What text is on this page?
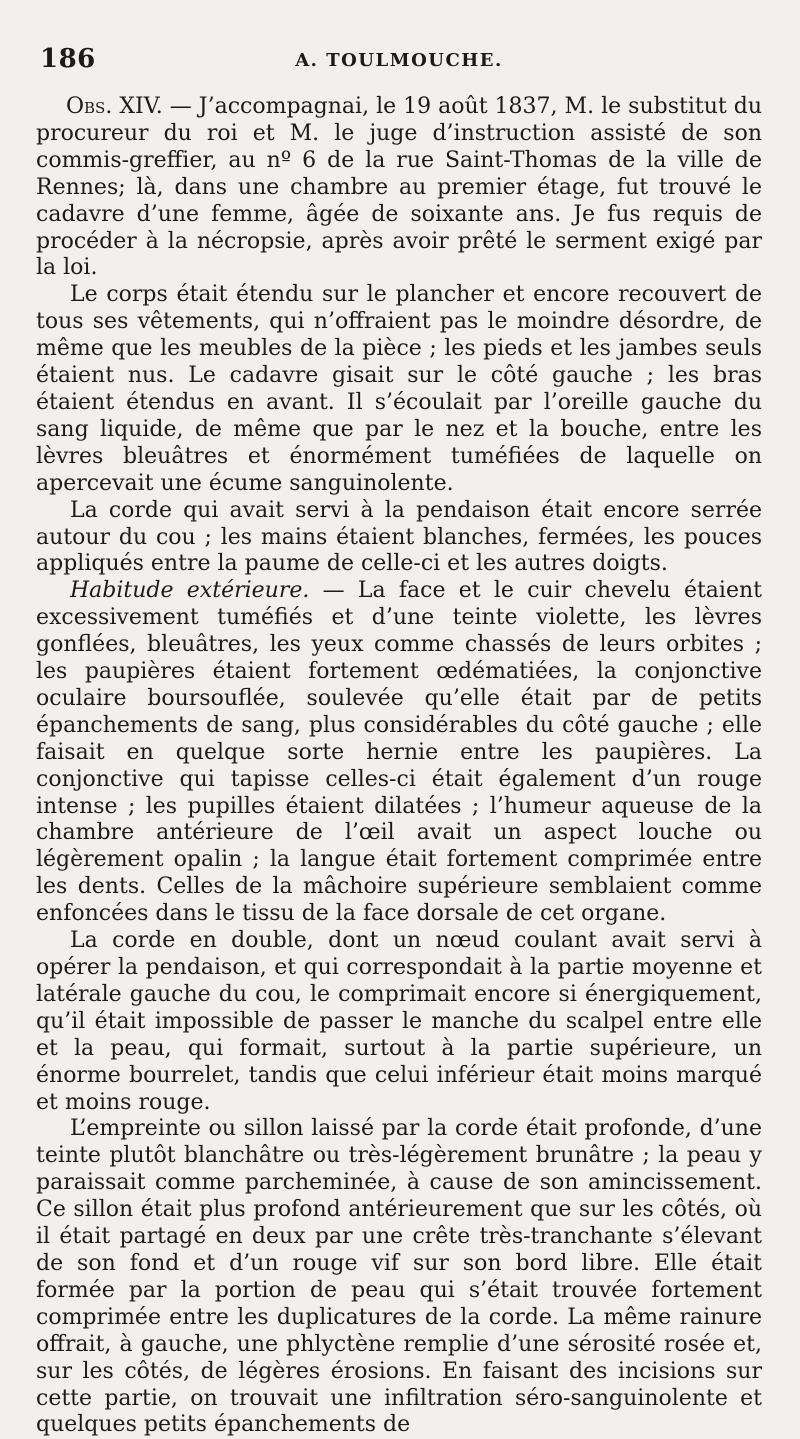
186	A. TOULMOUCHE.

Obs. XIV. — J’accompagnai, le 19 août 1837, M. le substitut du procureur du roi et M. le juge d’instruction assisté de son commis-greffier, au nº 6 de la rue Saint-Thomas de la ville de Rennes; là, dans une chambre au premier étage, fut trouvé le cadavre d’une femme, âgée de soixante ans. Je fus requis de procéder à la nécropsie, après avoir prêté le serment exigé par la loi.

Le corps était étendu sur le plancher et encore recouvert de tous ses vêtements, qui n’offraient pas le moindre désordre, de même que les meubles de la pièce ; les pieds et les jambes seuls étaient nus. Le cadavre gisait sur le côté gauche ; les bras étaient étendus en avant. Il s’écoulait par l’oreille gauche du sang liquide, de même que par le nez et la bouche, entre les lèvres bleuâtres et énormément tuméfiées de laquelle on apercevait une écume sanguinolente.

La corde qui avait servi à la pendaison était encore serrée autour du cou ; les mains étaient blanches, fermées, les pouces appliqués entre la paume de celle-ci et les autres doigts.

Habitude extérieure. — La face et le cuir chevelu étaient excessivement tuméfiés et d’une teinte violette, les lèvres gonflées, bleuâtres, les yeux comme chassés de leurs orbites ; les paupières étaient fortement œdématiées, la conjonctive oculaire boursouflée, soulevée qu’elle était par de petits épanchements de sang, plus considérables du côté gauche ; elle faisait en quelque sorte hernie entre les paupières. La conjonctive qui tapisse celles-ci était également d’un rouge intense ; les pupilles étaient dilatées ; l’humeur aqueuse de la chambre antérieure de l’œil avait un aspect louche ou légèrement opalin ; la langue était fortement comprimée entre les dents. Celles de la mâchoire supérieure semblaient comme enfoncées dans le tissu de la face dorsale de cet organe.

La corde en double, dont un nœud coulant avait servi à opérer la pendaison, et qui correspondait à la partie moyenne et latérale gauche du cou, le comprimait encore si énergiquement, qu’il était impossible de passer le manche du scalpel entre elle et la peau, qui formait, surtout à la partie supérieure, un énorme bourrelet, tandis que celui inférieur était moins marqué et moins rouge.

L’empreinte ou sillon laissé par la corde était profonde, d’une teinte plutôt blanchâtre ou très-légèrement brunâtre ; la peau y paraissait comme parcheminée, à cause de son amincissement. Ce sillon était plus profond antérieurement que sur les côtés, où il était partagé en deux par une crête très-tranchante s’élevant de son fond et d’un rouge vif sur son bord libre. Elle était formée par la portion de peau qui s’était trouvée fortement comprimée entre les duplicatures de la corde. La même rainure offrait, à gauche, une phlyctène remplie d’une sérosité rosée et, sur les côtés, de légères érosions. En faisant des incisions sur cette partie, on trouvait une infiltration séro-sanguinolente et quelques petits épanchements de
